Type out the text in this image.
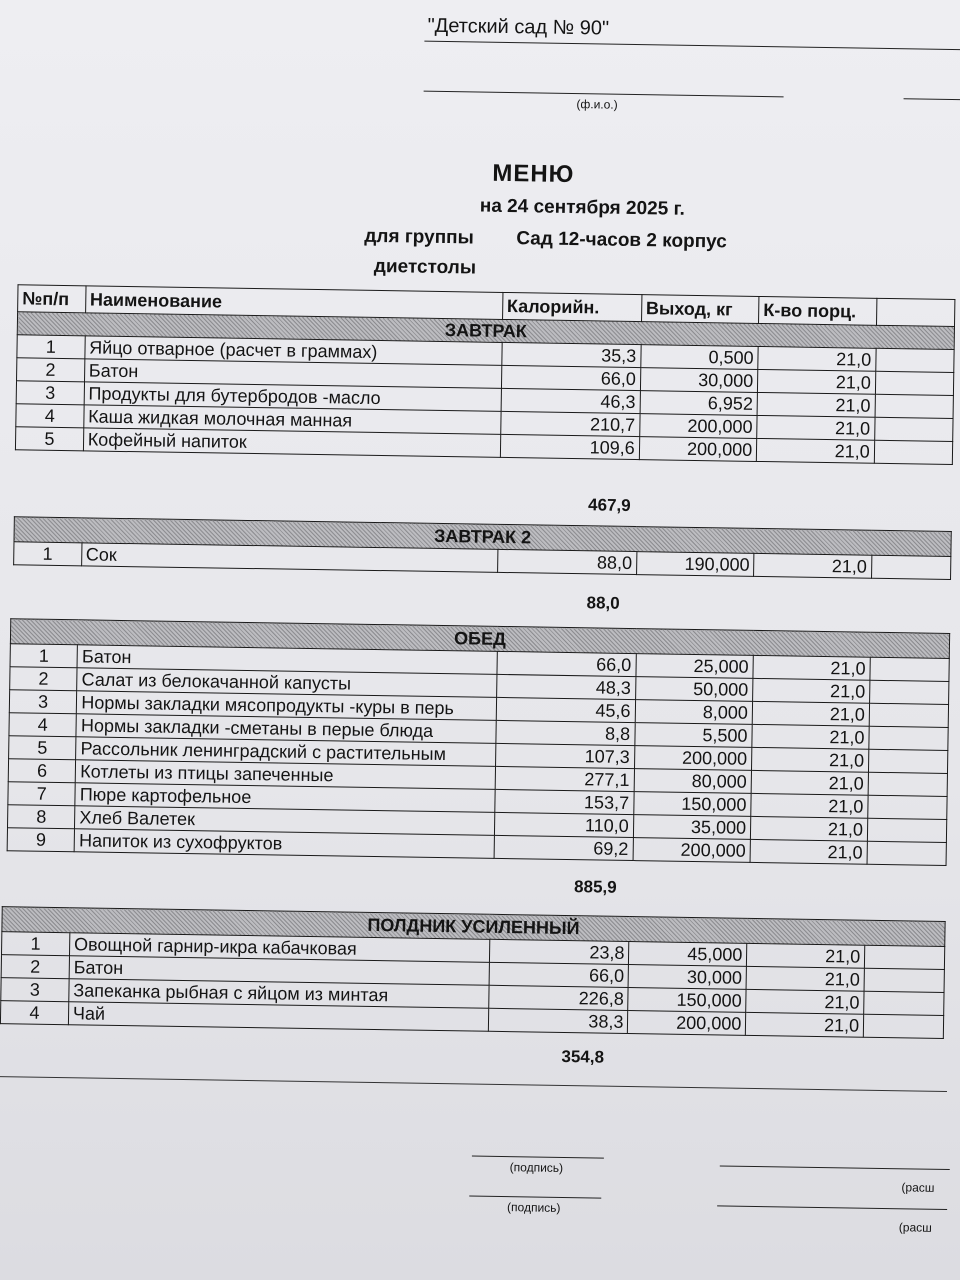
"Детский сад № 90"
(ф.и.о.)
МЕНЮ
на 24 сентября 2025 г.
для группы Сад 12-часов 2 корпус
диетстолы
№п/п	Наименование	Калорийн.	Выход, кг	К-во порц.	
ЗАВТРАК					
1	Яйцо отварное (расчет в граммах)	35,3	0,500	21,0	
2	Батон	66,0	30,000	21,0	
3	Продукты для бутербродов -масло	46,3	6,952	21,0	
4	Каша жидкая молочная манная	210,7	200,000	21,0	
5	Кофейный напиток	109,6	200,000	21,0	
467,9
ЗАВТРАК 2
1	Сок	88,0	190,000	21,0	
88,0
ОБЕД					
1	Батон	66,0	25,000	21,0	
2	Салат из белокачанной капусты	48,3	50,000	21,0	
3	Нормы закладки мясопродукты -куры в перь	45,6	8,000	21,0	
4	Нормы закладки -сметаны в перые блюда	8,8	5,500	21,0	
5	Рассольник ленинградский с растительным	107,3	200,000	21,0	
6	Котлеты из птицы запеченные	277,1	80,000	21,0	
7	Пюре картофельное	153,7	150,000	21,0	
8	Хлеб Валетек	110,0	35,000	21,0	
9	Напиток из сухофруктов	69,2	200,000	21,0	
885,9
ПОЛДНИК УСИЛЕННЫЙ					
1	Овощной гарнир-икра кабачковая	23,8	45,000	21,0	
2	Батон	66,0	30,000	21,0	
3	Запеканка рыбная с яйцом из минтая	226,8	150,000	21,0	
4	Чай	38,3	200,000	21,0	
354,8
(подпись)
(расш
(подпись)
(расш
